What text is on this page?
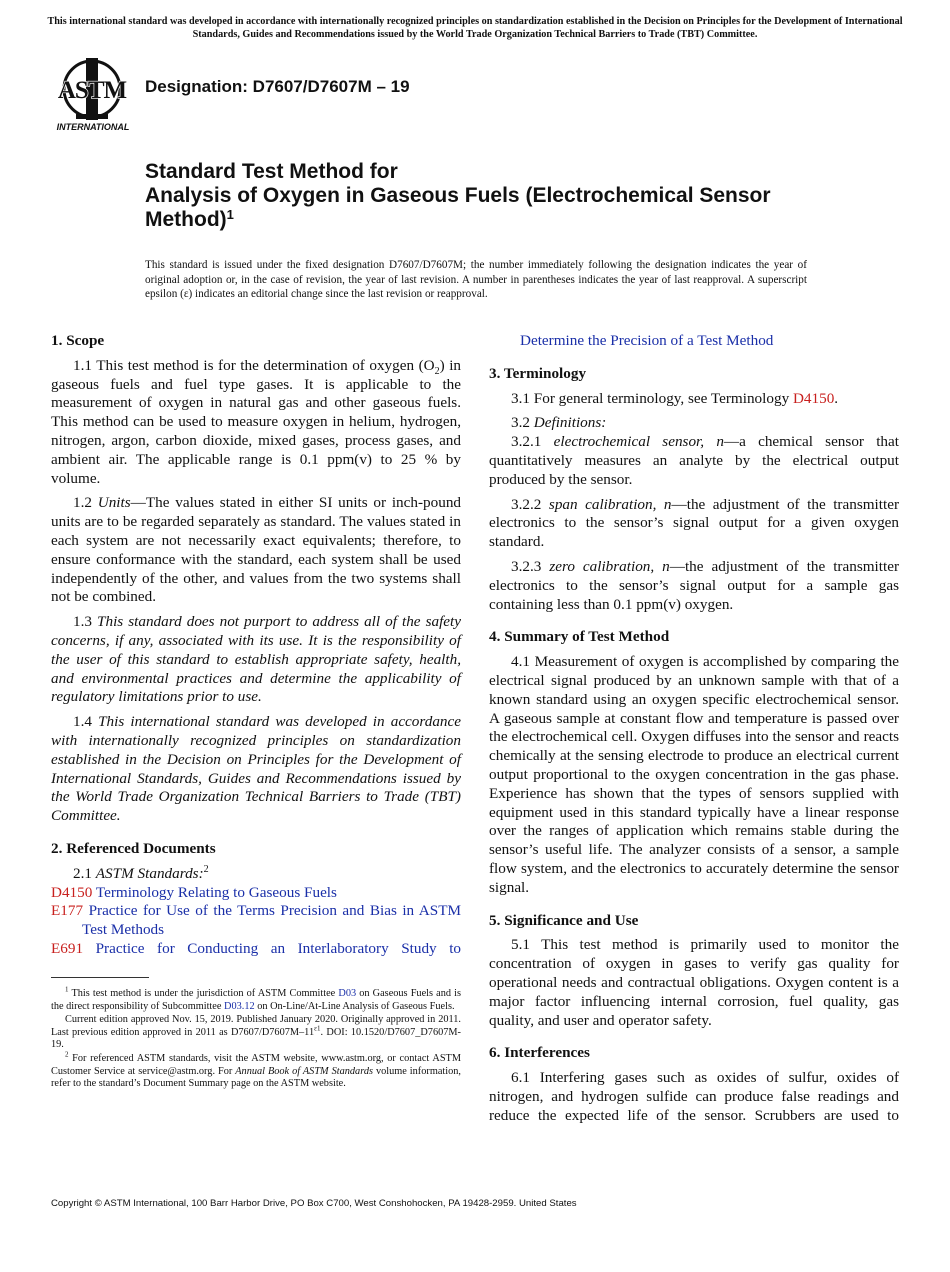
This international standard was developed in accordance with internationally recognized principles on standardization established in the Decision on Principles for the Development of International Standards, Guides and Recommendations issued by the World Trade Organization Technical Barriers to Trade (TBT) Committee.
ASTM
INTERNATIONAL
Designation: D7607/D7607M – 19
Standard Test Method for
Analysis of Oxygen in Gaseous Fuels (Electrochemical Sensor Method)$^1$
This standard is issued under the fixed designation D7607/D7607M; the number immediately following the designation indicates the year of original adoption or, in the case of revision, the year of last revision. A number in parentheses indicates the year of last reapproval. A superscript epsilon (ε) indicates an editorial change since the last revision or reapproval.
1. Scope
1.1 This test method is for the determination of oxygen $(O_2)$ in gaseous fuels and fuel type gases. It is applicable to the measurement of oxygen in natural gas and other gaseous fuels. This method can be used to measure oxygen in helium, hydrogen, nitrogen, argon, carbon dioxide, mixed gases, process gases, and ambient air. The applicable range is 0.1 ppm(v) to 25 % by volume.
1.2 Units—The values stated in either SI units or inch-pound units are to be regarded separately as standard. The values stated in each system are not necessarily exact equivalents; therefore, to ensure conformance with the standard, each system shall be used independently of the other, and values from the two systems shall not be combined.
1.3 This standard does not purport to address all of the safety concerns, if any, associated with its use. It is the responsibility of the user of this standard to establish appropriate safety, health, and environmental practices and determine the applicability of regulatory limitations prior to use.
1.4 This international standard was developed in accordance with internationally recognized principles on standardization established in the Decision on Principles for the Development of International Standards, Guides and Recommendations issued by the World Trade Organization Technical Barriers to Trade (TBT) Committee.
2. Referenced Documents
2.1 ASTM Standards:$^2$
D4150 Terminology Relating to Gaseous Fuels
E177 Practice for Use of the Terms Precision and Bias in ASTM Test Methods
E691 Practice for Conducting an Interlaboratory Study to
$^1$ This test method is under the jurisdiction of ASTM Committee D03 on Gaseous Fuels and is the direct responsibility of Subcommittee D03.12 on On-Line/At-Line Analysis of Gaseous Fuels.
Current edition approved Nov. 15, 2019. Published January 2020. Originally approved in 2011. Last previous edition approved in 2011 as $D7607/D7607M-11^{\varepsilon 1}$. DOI: 10.1520/D7607_D7607M-19.
$^2$ For referenced ASTM standards, visit the ASTM website, www.astm.org, or contact ASTM Customer Service at service@astm.org. For Annual Book of ASTM Standards volume information, refer to the standard’s Document Summary page on the ASTM website.
Determine the Precision of a Test Method
3. Terminology
3.1 For general terminology, see Terminology D4150.
3.2 Definitions:
3.2.1 electrochemical sensor, n—a chemical sensor that quantitatively measures an analyte by the electrical output produced by the sensor.
3.2.2 span calibration, n—the adjustment of the transmitter electronics to the sensor’s signal output for a given oxygen standard.
3.2.3 zero calibration, n—the adjustment of the transmitter electronics to the sensor’s signal output for a sample gas containing less than 0.1 ppm(v) oxygen.
4. Summary of Test Method
4.1 Measurement of oxygen is accomplished by comparing the electrical signal produced by an unknown sample with that of a known standard using an oxygen specific electrochemical sensor. A gaseous sample at constant flow and temperature is passed over the electrochemical cell. Oxygen diffuses into the sensor and reacts chemically at the sensing electrode to produce an electrical current output proportional to the oxygen concentration in the gas phase. Experience has shown that the types of sensors supplied with equipment used in this standard typically have a linear response over the ranges of application which remains stable during the sensor’s useful life. The analyzer consists of a sensor, a sample flow system, and the electronics to accurately determine the sensor signal.
5. Significance and Use
5.1 This test method is primarily used to monitor the concentration of oxygen in gases to verify gas quality for operational needs and contractual obligations. Oxygen content is a major factor influencing internal corrosion, fuel quality, gas quality, and user and operator safety.
6. Interferences
6.1 Interfering gases such as oxides of sulfur, oxides of nitrogen, and hydrogen sulfide can produce false readings and reduce the expected life of the sensor. Scrubbers are used to
Copyright © ASTM International, 100 Barr Harbor Drive, PO Box C700, West Conshohocken, PA 19428-2959. United States
